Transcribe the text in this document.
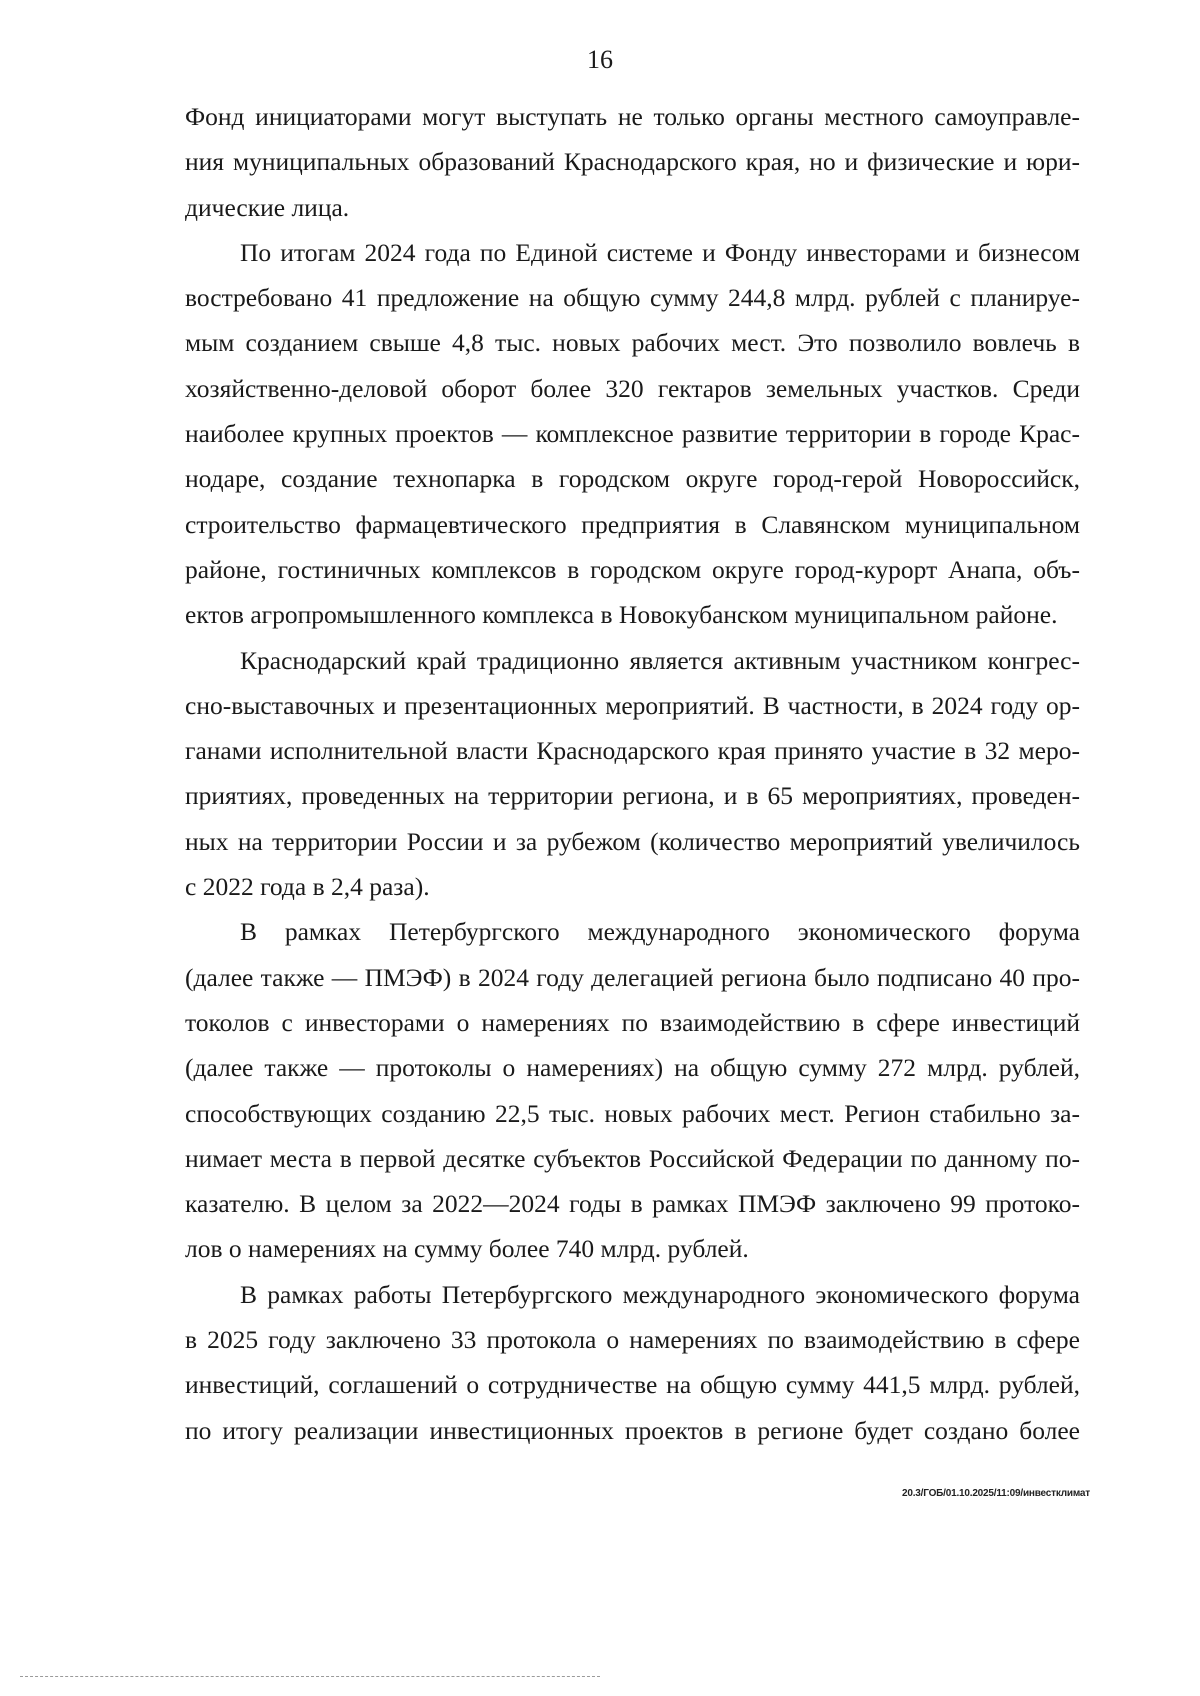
16
Фонд инициаторами могут выступать не только органы местного самоуправле-
ния муниципальных образований Краснодарского края, но и физические и юри-
дические лица.
По итогам 2024 года по Единой системе и Фонду инвесторами и бизнесом
востребовано 41 предложение на общую сумму 244,8 млрд. рублей с планируе-
мым созданием свыше 4,8 тыс. новых рабочих мест. Это позволило вовлечь в
хозяйственно-деловой оборот более 320 гектаров земельных участков. Среди
наиболее крупных проектов — комплексное развитие территории в городе Крас-
нодаре, создание технопарка в городском округе город-герой Новороссийск,
строительство фармацевтического предприятия в Славянском муниципальном
районе, гостиничных комплексов в городском округе город-курорт Анапа, объ-
ектов агропромышленного комплекса в Новокубанском муниципальном районе.
Краснодарский край традиционно является активным участником конгрес-
сно-выставочных и презентационных мероприятий. В частности, в 2024 году ор-
ганами исполнительной власти Краснодарского края принято участие в 32 меро-
приятиях, проведенных на территории региона, и в 65 мероприятиях, проведен-
ных на территории России и за рубежом (количество мероприятий увеличилось
с 2022 года в 2,4 раза).
В рамках Петербургского международного экономического форума
(далее также — ПМЭФ) в 2024 году делегацией региона было подписано 40 про-
токолов с инвесторами о намерениях по взаимодействию в сфере инвестиций
(далее также — протоколы о намерениях) на общую сумму 272 млрд. рублей,
способствующих созданию 22,5 тыс. новых рабочих мест. Регион стабильно за-
нимает места в первой десятке субъектов Российской Федерации по данному по-
казателю. В целом за 2022—2024 годы в рамках ПМЭФ заключено 99 протоко-
лов о намерениях на сумму более 740 млрд. рублей.
В рамках работы Петербургского международного экономического форума
в 2025 году заключено 33 протокола о намерениях по взаимодействию в сфере
инвестиций, соглашений о сотрудничестве на общую сумму 441,5 млрд. рублей,
по итогу реализации инвестиционных проектов в регионе будет создано более
20.3/ГОБ/01.10.2025/11:09/инвестклимат
